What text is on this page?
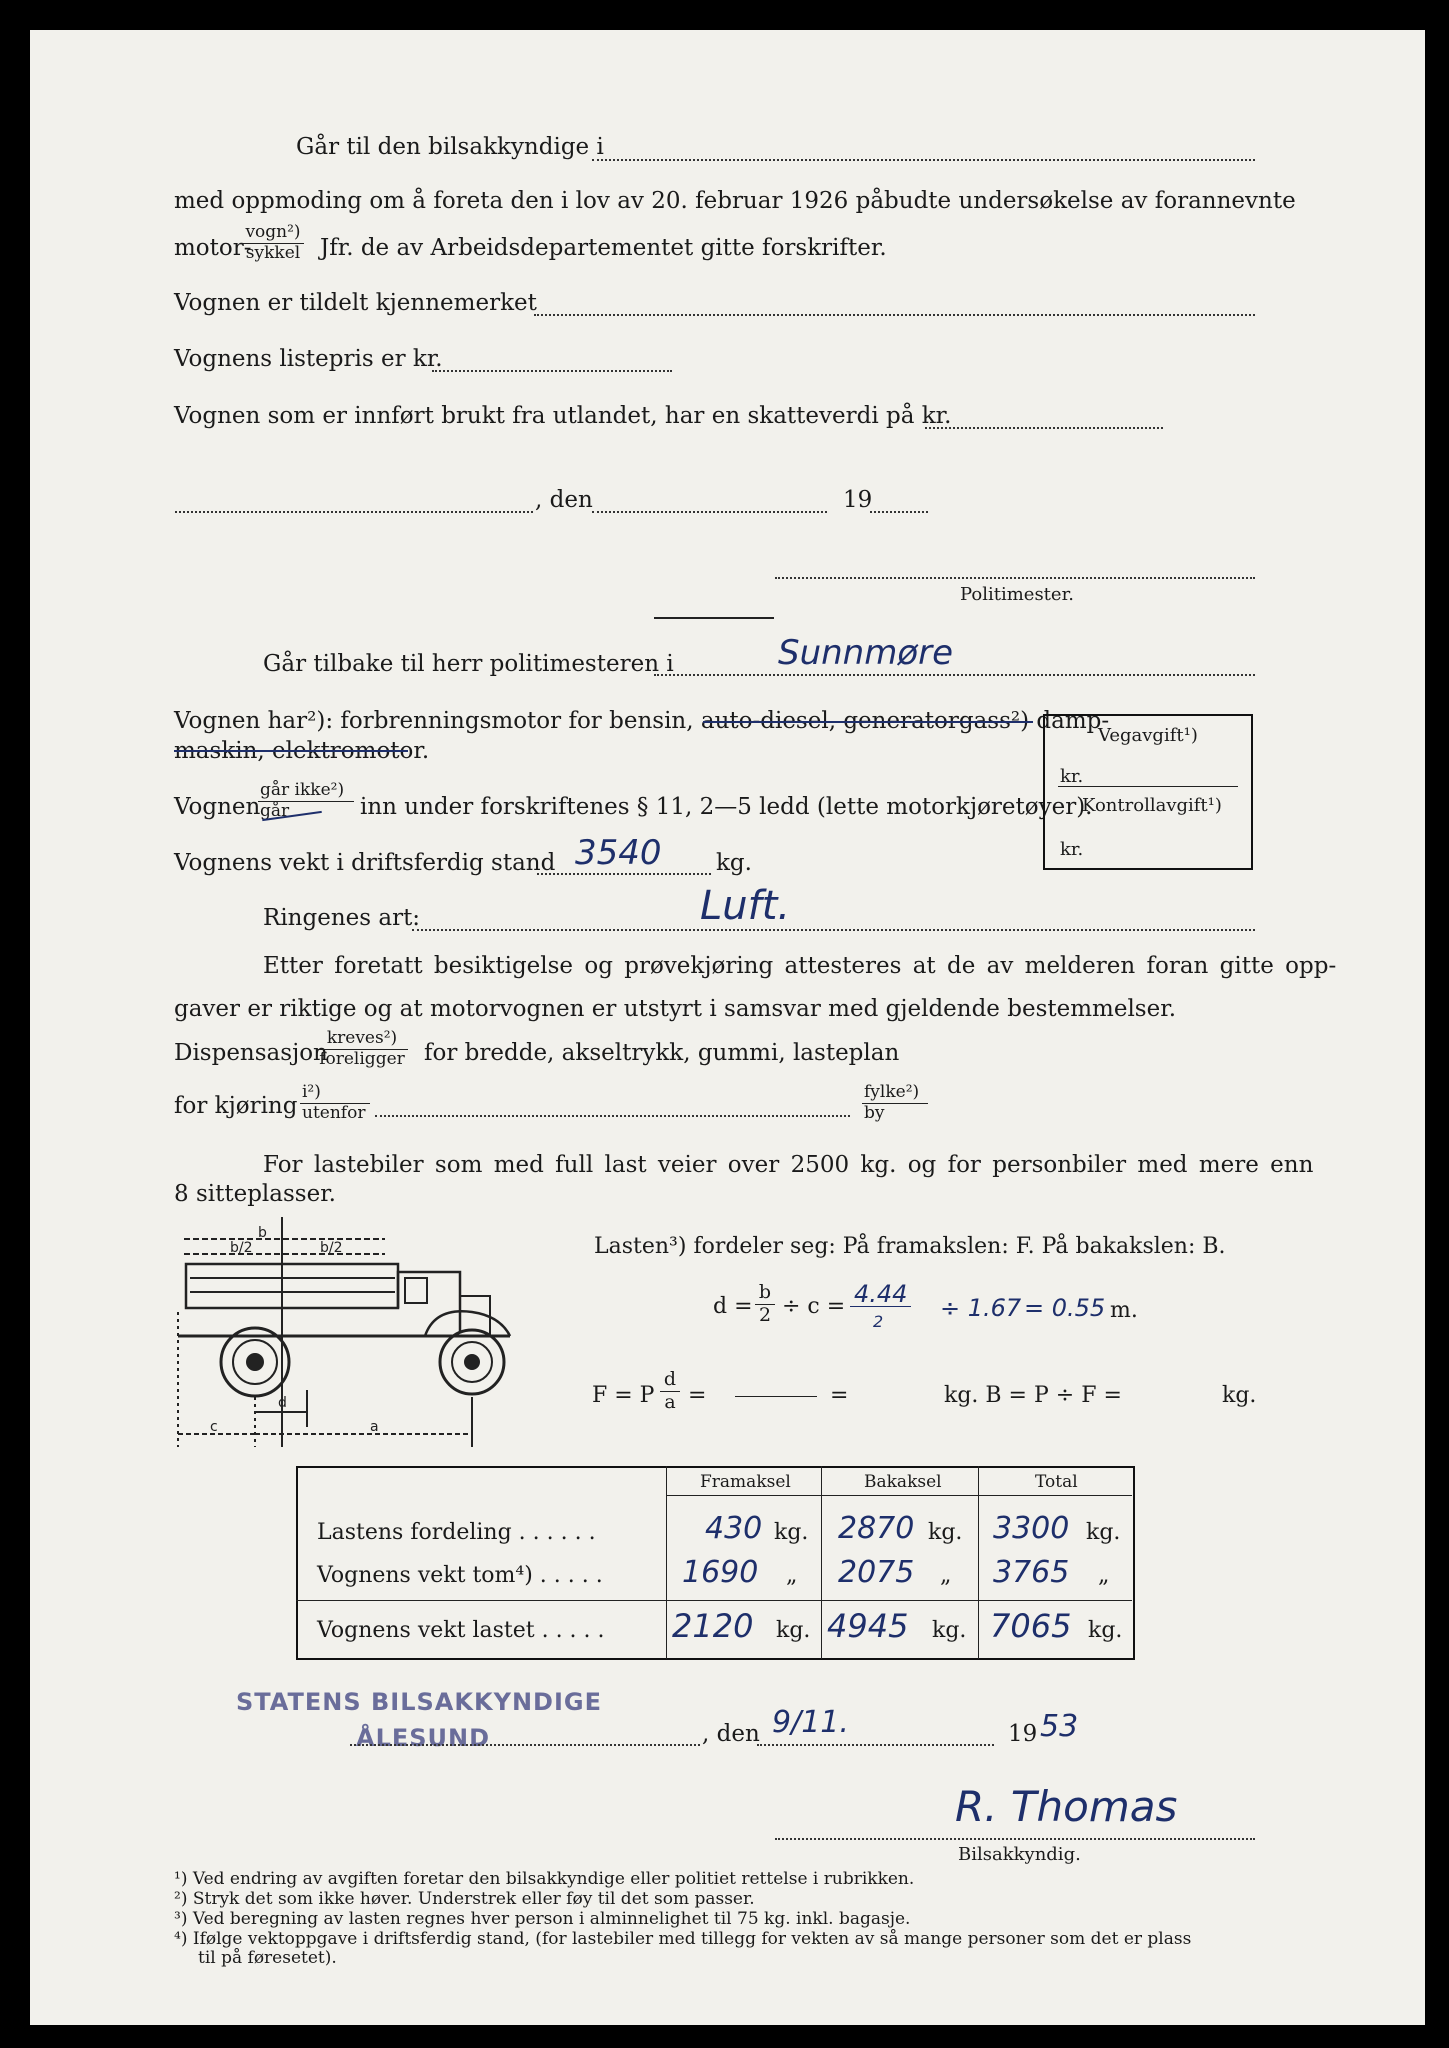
Går til den bilsakkyndige i
med oppmoding om å foreta den i lov av 20. februar 1926 påbudte undersøkelse av forannevnte
motor-
vogn²)
sykkel Jfr. de av Arbeidsdepartementet gitte forskrifter.
Vognen er tildelt kjennemerket
Vognens listepris er kr.
Vognen som er innført brukt fra utlandet, har en skatteverdi på kr.
, den	19
Politimester.
Går tilbake til herr politimesteren i	Sunnmøre
Vognen har²): forbrenningsmotor for bensin, auto-diesel, generatorgass²) damp-
maskin, elektromotor.
Vognen
går ikke²)
går	inn under forskriftenes § 11, 2—5 ledd (lette motorkjøretøyer).
Vognens vekt i driftsferdig stand 3540 kg.
Vegavgift¹)
kr.
Kontrollavgift¹)
kr.
Ringenes art:	Luft.
Etter foretatt besiktigelse og prøvekjøring attesteres at de av melderen foran gitte opp-
gaver er riktige og at motorvognen er utstyrt i samsvar med gjeldende bestemmelser.
Dispensasjon
kreves²)
foreligger for bredde, akseltrykk, gummi, lasteplan
for kjøring
i²)
utenfor
fylke²)
by
For lastebiler som med full last veier over 2500 kg. og for personbiler med mere enn
8 sitteplasser.
b
b/2	b/2
d
c	a
Lasten³) fordeler seg: På framakslen: F. På bakakslen: B.
$d = \frac{b}{2} \div c = 4.44$
2 ÷ 1.67 = 0.55 m.
F = P $\frac{d}{a}$ =	=	kg. B = P ÷ F =	kg.
Framaksel	Bakaksel	Total
Lastens fordeling . . . . . .	430 kg. 2870 kg. 3300 kg.
Vognens vekt tom⁴) . . . . .	1690 „ 2075 „ 3765 „
Vognens vekt lastet . . . . . 2120 kg. 4945 kg. 7065 kg.
STATENS BILSAKKYNDIGE
ÅLESUND	, den 9/11.	19 53
R. Thomas
Bilsakkyndig.
¹) Ved endring av avgiften foretar den bilsakkyndige eller politiet rettelse i rubrikken.
²) Stryk det som ikke høver. Understrek eller føy til det som passer.
³) Ved beregning av lasten regnes hver person i alminnelighet til 75 kg. inkl. bagasje.
⁴) Ifølge vektoppgave i driftsferdig stand, (for lastebiler med tillegg for vekten av så mange personer som det er plass
til på føresetet).
